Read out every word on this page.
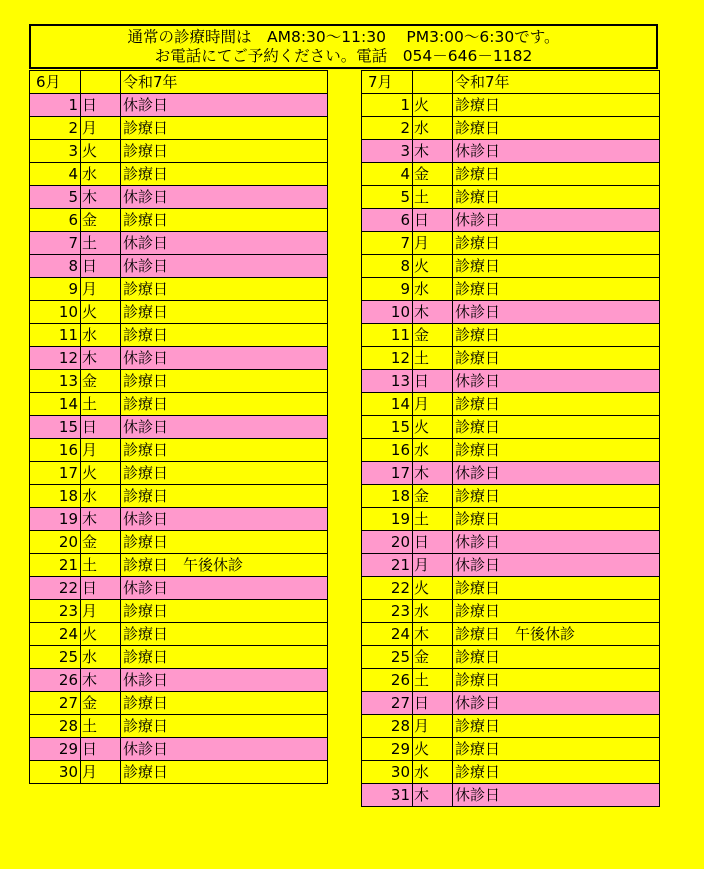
通常の診療時間は　AM8:30～11:30　 PM3:00～6:30です。
お電話にてご予約ください。電話　054－646－1182
6月		令和7年
1	日	休診日
2	月	診療日
3	火	診療日
4	水	診療日
5	木	休診日
6	金	診療日
7	土	休診日
8	日	休診日
9	月	診療日
10	火	診療日
11	水	診療日
12	木	休診日
13	金	診療日
14	土	診療日
15	日	休診日
16	月	診療日
17	火	診療日
18	水	診療日
19	木	休診日
20	金	診療日
21	土	診療日　午後休診
22	日	休診日
23	月	診療日
24	火	診療日
25	水	診療日
26	木	休診日
27	金	診療日
28	土	診療日
29	日	休診日
30	月	診療日
7月		令和7年
1	火	診療日
2	水	診療日
3	木	休診日
4	金	診療日
5	土	診療日
6	日	休診日
7	月	診療日
8	火	診療日
9	水	診療日
10	木	休診日
11	金	診療日
12	土	診療日
13	日	休診日
14	月	診療日
15	火	診療日
16	水	診療日
17	木	休診日
18	金	診療日
19	土	診療日
20	日	休診日
21	月	休診日
22	火	診療日
23	水	診療日
24	木	診療日　午後休診
25	金	診療日
26	土	診療日
27	日	休診日
28	月	診療日
29	火	診療日
30	水	診療日
31	木	休診日
